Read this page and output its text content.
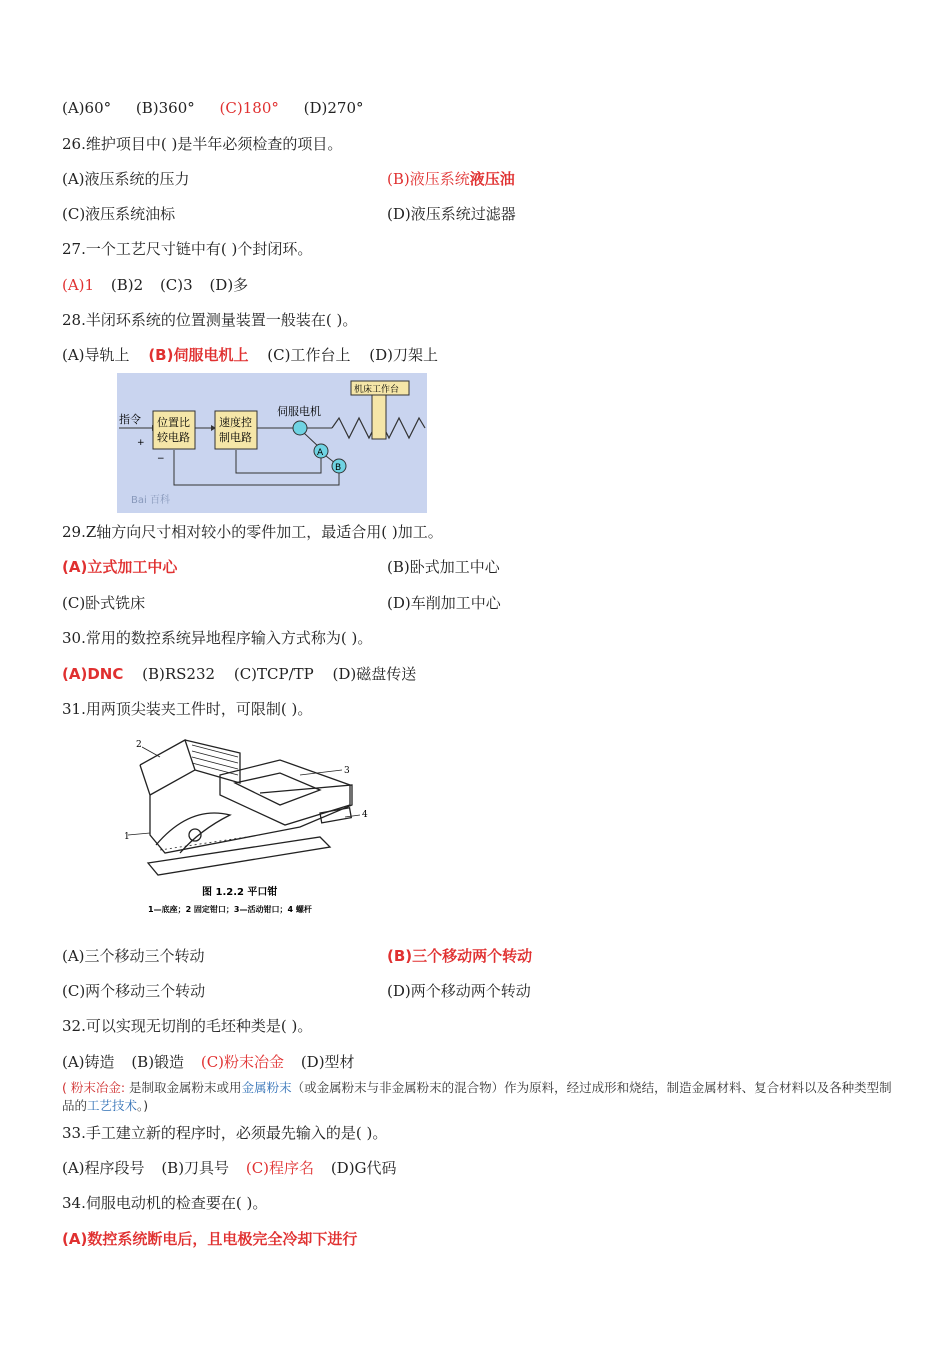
(A)60° (B)360° (C)180° (D)270°
26.维护项目中( )是半年必须检查的项目。
(A)液压系统的压力	(B)液压系统液压油
(C)液压系统油标	(D)液压系统过滤器
27.一个工艺尺寸链中有( )个封闭环。
(A)1 (B)2 (C)3 (D)多
28.半闭环系统的位置测量装置一般装在( )。
(A)导轨上 (B)伺服电机上 (C)工作台上 (D)刀架上
指令
+
−
位置比
较电路
速度控
制电路
伺服电机
机床工作台
A
B
Bai 百科
29.Z轴方向尺寸相对较小的零件加工，最适合用( )加工。
(A)立式加工中心	(B)卧式加工中心
(C)卧式铣床	(D)车削加工中心
30.常用的数控系统异地程序输入方式称为( )。
(A)DNC (B)RS232 (C)TCP/TP (D)磁盘传送
31.用两顶尖装夹工件时，可限制( )。
1
2
3
4
图 1.2.2 平口钳
1—底座；2 固定钳口；3—活动钳口；4 螺杆
(A)三个移动三个转动	(B)三个移动两个转动
(C)两个移动三个转动	(D)两个移动两个转动
32.可以实现无切削的毛坯种类是( )。
(A)铸造 (B)锻造 (C)粉末冶金 (D)型材
( 粉末冶金: 是制取金属粉末或用金属粉末（或金属粉末与非金属粉末的混合物）作为原料，经过成形和烧结，制造金属材料、复合材料以及各种类型制品的工艺技术。)
33.手工建立新的程序时，必须最先输入的是( )。
(A)程序段号 (B)刀具号 (C)程序名 (D)G代码
34.伺服电动机的检查要在( )。
(A)数控系统断电后，且电极完全冷却下进行
